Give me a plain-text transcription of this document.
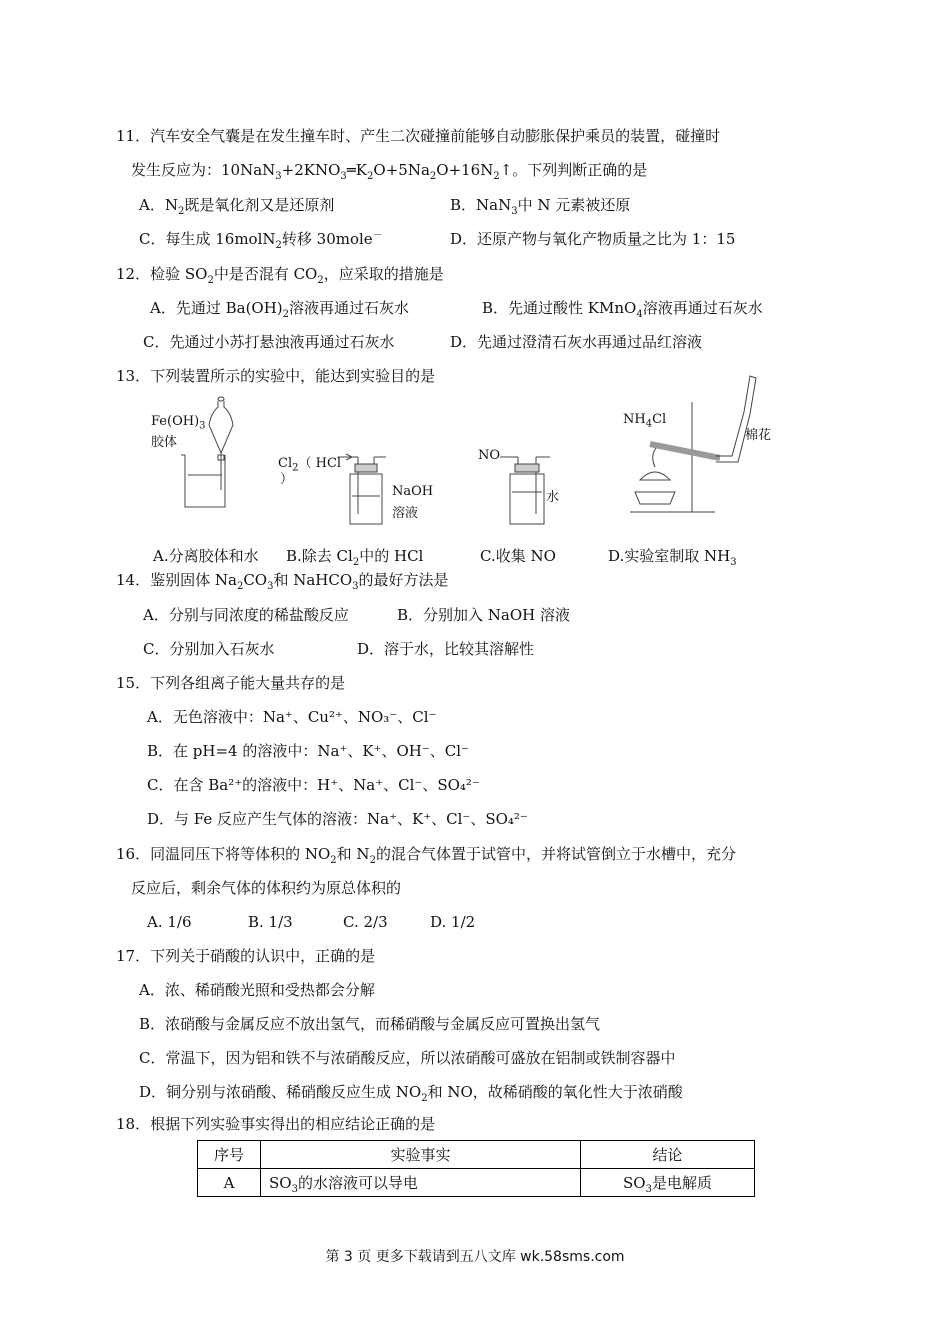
11．汽车安全气囊是在发生撞车时、产生二次碰撞前能够自动膨胀保护乘员的装置，碰撞时
发生反应为：$10NaN_3+2KNO_3═K_2O+5Na_2O+16N_2↑$。下列判断正确的是
A．$N_2$既是氧化剂又是还原剂	B．NaN$_3$中 N 元素被还原
C．每生成 16molN$_2$转移 30mole－	D．还原产物与氧化产物质量之比为 1：15
12．检验 $SO_2$中是否混有 $CO_2$，应采取的措施是
A．先通过 $Ba(OH)_2$溶液再通过石灰水	B．先通过酸性 KMnO$_4$溶液再通过石灰水
C．先通过小苏打悬浊液再通过石灰水	D．先通过澄清石灰水再通过品红溶液
13．下列装置所示的实验中，能达到实验目的是
$Fe(OH)_3$
胶体
$Cl_2$（ HCl
）
NaOH
溶液
NO
水
$NH_4Cl$
棉花
A.分离胶体和水 B.除去 $Cl_2$中的 HCl	C.收集 NO	D.实验室制取 $NH_3$
14．鉴别固体 $Na_2CO_3$和 NaHCO$_3$的最好方法是
A．分别与同浓度的稀盐酸反应	B．分别加入 NaOH 溶液
C．分别加入石灰水	D．溶于水，比较其溶解性
15．下列各组离子能大量共存的是
A．无色溶液中：Na⁺、Cu²⁺、NO₃⁻、Cl⁻
B．在 pH=4 的溶液中：Na⁺、K⁺、OH⁻、Cl⁻
C．在含 Ba²⁺的溶液中：H⁺、Na⁺、Cl⁻、SO₄²⁻
D．与 Fe 反应产生气体的溶液：Na⁺、K⁺、Cl⁻、SO₄²⁻
16．同温同压下将等体积的 $NO_2$和 $N_2$的混合气体置于试管中，并将试管倒立于水槽中，充分
反应后，剩余气体的体积约为原总体积的
A. 1/6	B. 1/3	C. 2/3	D. 1/2
17．下列关于硝酸的认识中，正确的是
A．浓、稀硝酸光照和受热都会分解
B．浓硝酸与金属反应不放出氢气，而稀硝酸与金属反应可置换出氢气
C．常温下，因为铝和铁不与浓硝酸反应，所以浓硝酸可盛放在铝制或铁制容器中
D．铜分别与浓硝酸、稀硝酸反应生成 $NO_2$和 NO，故稀硝酸的氧化性大于浓硝酸
18．根据下列实验事实得出的相应结论正确的是
序号	实验事实	结论
A	$SO_3$的水溶液可以导电	$SO_3$是电解质
第 3 页 更多下载请到五八文库 wk.58sms.com
